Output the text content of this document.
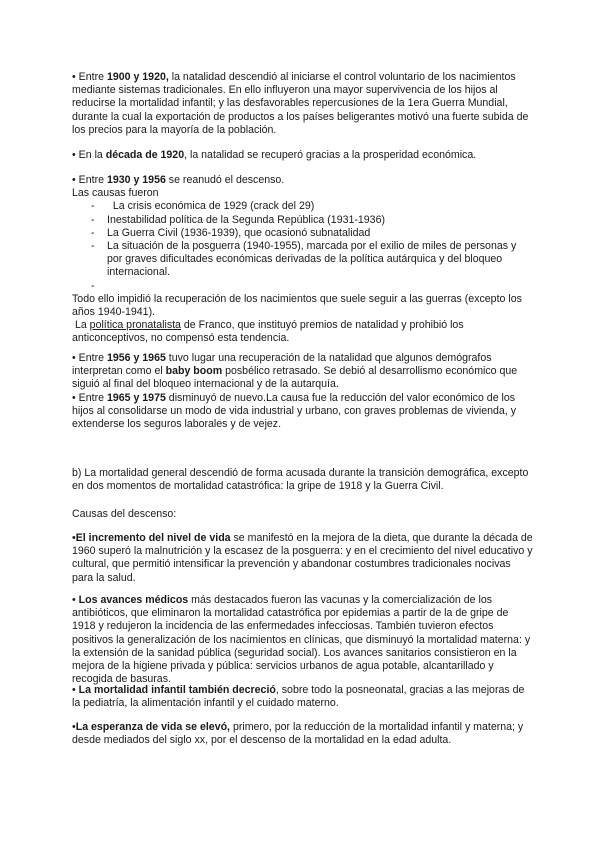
• Entre 1900 y 1920, la natalidad descendió al iniciarse el control voluntario de los nacimientos mediante sistemas tradicionales. En ello influyeron una mayor supervivencia de los hijos al reducirse la mortalidad infantil; y las desfavorables repercusiones de la 1era Guerra Mundial, durante la cual la exportación de productos a los países beligerantes motivó una fuerte subida de los precios para la mayoría de la población.

• En la década de 1920, la natalidad se recuperó gracias a la prosperidad económica.

• Entre 1930 y 1956 se reanudó el descenso.

Las causas fueron

- La crisis económica de 1929 (crack del 29)
- Inestabilidad política de la Segunda República (1931-1936)
- La Guerra Civil (1936-1939), que ocasionó subnatalidad
- La situación de la posguerra (1940-1955), marcada por el exilio de miles de personas y por graves dificultades económicas derivadas de la política autárquica y del bloqueo internacional.
-

Todo ello impidió la recuperación de los nacimientos que suele seguir a las guerras (excepto los años 1940-1941).

La política pronatalista de Franco, que instituyó premios de natalidad y prohibió los anticonceptivos, no compensó esta tendencia.

• Entre 1956 y 1965 tuvo lugar una recuperación de la natalidad que algunos demógrafos interpretan como el baby boom posbélico retrasado. Se debió al desarrollismo económico que siguió al final del bloqueo internacional y de la autarquía.

• Entre 1965 y 1975 disminuyó de nuevo.La causa fue la reducción del valor económico de los hijos al consolidarse un modo de vida industrial y urbano, con graves problemas de vivienda, y extenderse los seguros laborales y de vejez.

b) La mortalidad general descendió de forma acusada durante la transición demográfica, excepto en dos momentos de mortalidad catastrófica: la gripe de 1918 y la Guerra Civil.

Causas del descenso:

•El incremento del nivel de vida se manifestó en la mejora de la dieta, que durante la década de 1960 superó la malnutrición y la escasez de la posguerra: y en el crecimiento del nivel educativo y cultural, que permitió intensificar la prevención y abandonar costumbres tradicionales nocivas para la salud.

• Los avances médicos más destacados fueron las vacunas y la comercialización de los antibióticos, que eliminaron la mortalidad catastrófica por epidemias a partir de la de gripe de 1918 y redujeron la incidencia de las enfermedades infecciosas. También tuvieron efectos positivos la generalización de los nacimientos en clínicas, que disminuyó la mortalidad materna: y la extensión de la sanidad pública (seguridad social). Los avances sanitarios consistieron en la mejora de la higiene privada y pública: servicios urbanos de agua potable, alcantarillado y recogida de basuras.

• La mortalidad infantil también decreció, sobre todo la posneonatal, gracias a las mejoras de la pediatría, la alimentación infantil y el cuidado materno.

•La esperanza de vida se elevó, primero, por la reducción de la mortalidad infantil y materna; y desde mediados del siglo xx, por el descenso de la mortalidad en la edad adulta.
